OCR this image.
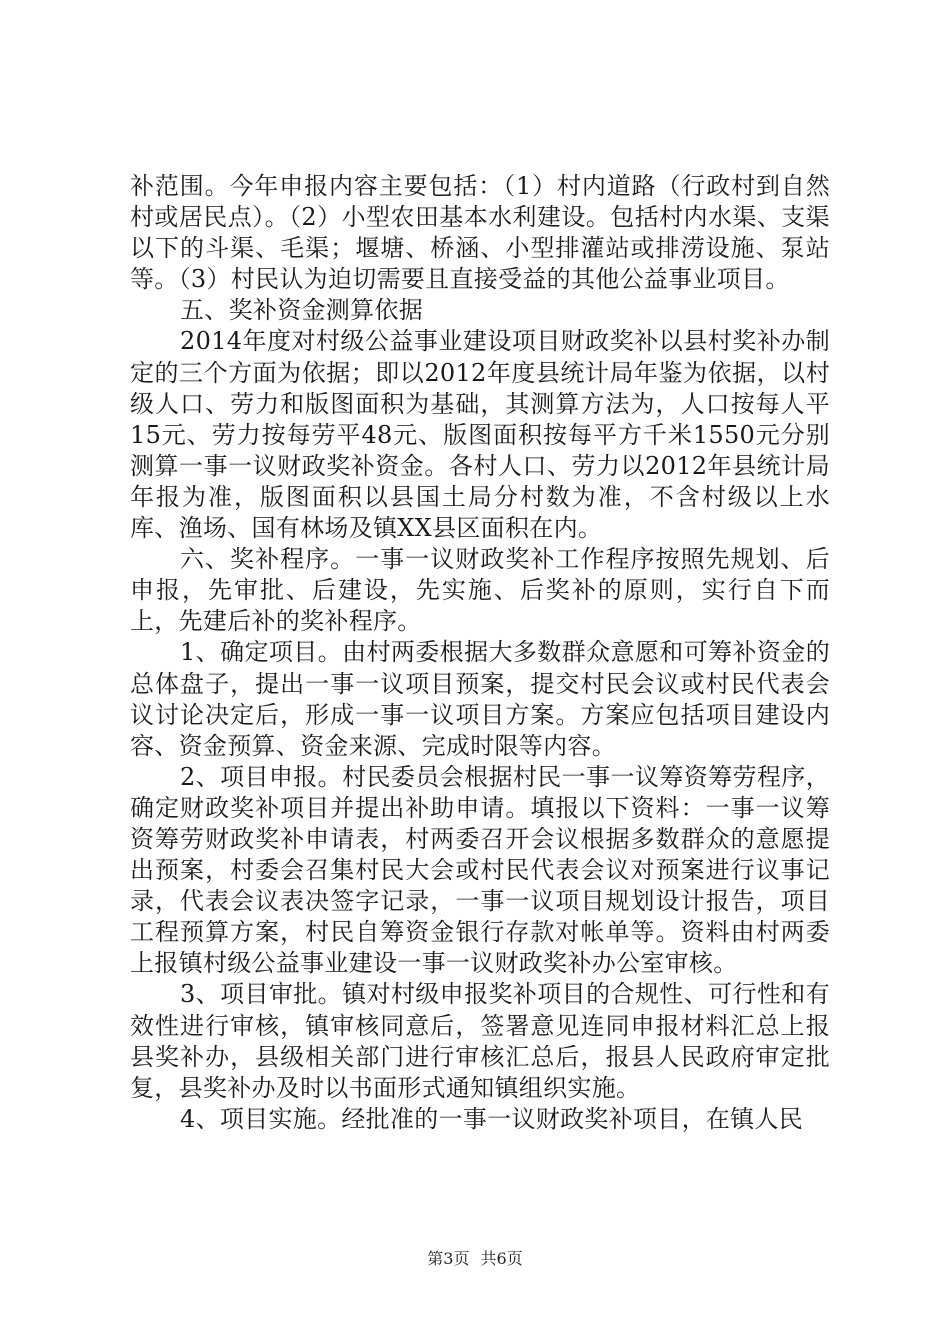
补范围。今年申报内容主要包括：（1）村内道路（行政村到自然村或居民点）。（2）小型农田基本水利建设。包括村内水渠、支渠以下的斗渠、毛渠；堰塘、桥涵、小型排灌站或排涝设施、泵站等。（3）村民认为迫切需要且直接受益的其他公益事业项目。

五、奖补资金测算依据

2014年度对村级公益事业建设项目财政奖补以县村奖补办制定的三个方面为依据；即以2012年度县统计局年鉴为依据，以村级人口、劳力和版图面积为基础，其测算方法为，人口按每人平15元、劳力按每劳平48元、版图面积按每平方千米1550元分别测算一事一议财政奖补资金。各村人口、劳力以2012年县统计局年报为准，版图面积以县国土局分村数为准，不含村级以上水库、渔场、国有林场及镇XX县区面积在内。

六、奖补程序。一事一议财政奖补工作程序按照先规划、后申报，先审批、后建设，先实施、后奖补的原则，实行自下而上，先建后补的奖补程序。

1、确定项目。由村两委根据大多数群众意愿和可筹补资金的总体盘子，提出一事一议项目预案，提交村民会议或村民代表会议讨论决定后，形成一事一议项目方案。方案应包括项目建设内容、资金预算、资金来源、完成时限等内容。

2、项目申报。村民委员会根据村民一事一议筹资筹劳程序，确定财政奖补项目并提出补助申请。填报以下资料：一事一议筹资筹劳财政奖补申请表，村两委召开会议根据多数群众的意愿提出预案，村委会召集村民大会或村民代表会议对预案进行议事记录，代表会议表决签字记录，一事一议项目规划设计报告，项目工程预算方案，村民自筹资金银行存款对帐单等。资料由村两委上报镇村级公益事业建设一事一议财政奖补办公室审核。

3、项目审批。镇对村级申报奖补项目的合规性、可行性和有效性进行审核，镇审核同意后，签署意见连同申报材料汇总上报县奖补办，县级相关部门进行审核汇总后，报县人民政府审定批复，县奖补办及时以书面形式通知镇组织实施。

4、项目实施。经批准的一事一议财政奖补项目，在镇人民

第3页 共6页
